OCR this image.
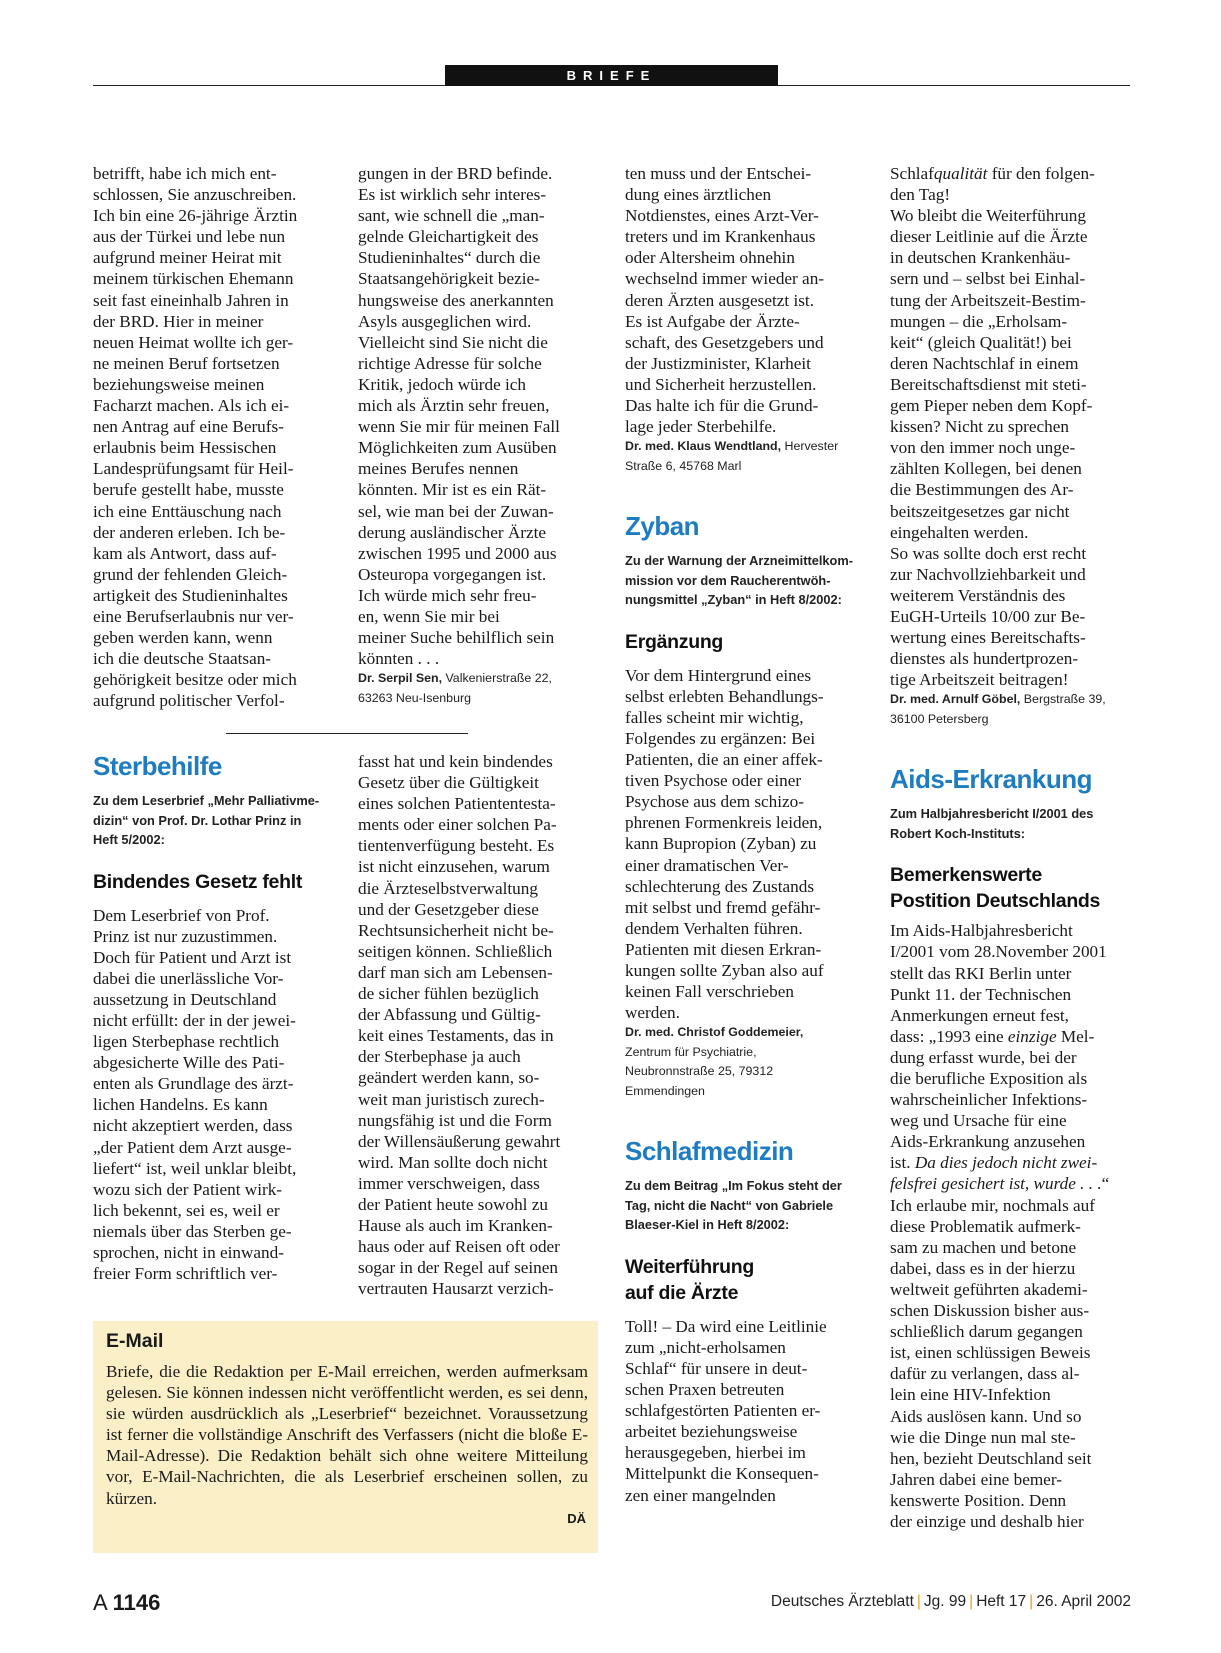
BRIEFE

betrifft, habe ich mich ent-

schlossen, Sie anzuschreiben.

Ich bin eine 26-jährige Ärztin

aus der Türkei und lebe nun

aufgrund meiner Heirat mit

meinem türkischen Ehemann

seit fast eineinhalb Jahren in

der BRD. Hier in meiner

neuen Heimat wollte ich ger-

ne meinen Beruf fortsetzen

beziehungsweise meinen

Facharzt machen. Als ich ei-

nen Antrag auf eine Berufs-

erlaubnis beim Hessischen

Landesprüfungsamt für Heil-

berufe gestellt habe, musste

ich eine Enttäuschung nach

der anderen erleben. Ich be-

kam als Antwort, dass auf-

grund der fehlenden Gleich-

artigkeit des Studieninhaltes

eine Berufserlaubnis nur ver-

geben werden kann, wenn

ich die deutsche Staatsan-

gehörigkeit besitze oder mich

aufgrund politischer Verfol-

gungen in der BRD befinde.

Es ist wirklich sehr interes-

sant, wie schnell die „man-

gelnde Gleichartigkeit des

Studieninhaltes“ durch die

Staatsangehörigkeit bezie-

hungsweise des anerkannten

Asyls ausgeglichen wird.

Vielleicht sind Sie nicht die

richtige Adresse für solche

Kritik, jedoch würde ich

mich als Ärztin sehr freuen,

wenn Sie mir für meinen Fall

Möglichkeiten zum Ausüben

meines Berufes nennen

könnten. Mir ist es ein Rät-

sel, wie man bei der Zuwan-

derung ausländischer Ärzte

zwischen 1995 und 2000 aus

Osteuropa vorgegangen ist.

Ich würde mich sehr freu-

en, wenn Sie mir bei

meiner Suche behilflich sein

könnten . . .

Dr. Serpil Sen, Valkenierstraße 22,
63263 Neu-Isenburg

Sterbehilfe

Zu dem Leserbrief „Mehr Palliativme-

dizin“ von Prof. Dr. Lothar Prinz in

Heft 5/2002:

Bindendes Gesetz fehlt

Dem Leserbrief von Prof.

Prinz ist nur zuzustimmen.

Doch für Patient und Arzt ist

dabei die unerlässliche Vor-

aussetzung in Deutschland

nicht erfüllt: der in der jewei-

ligen Sterbephase rechtlich

abgesicherte Wille des Pati-

enten als Grundlage des ärzt-

lichen Handelns. Es kann

nicht akzeptiert werden, dass

„der Patient dem Arzt ausge-

liefert“ ist, weil unklar bleibt,

wozu sich der Patient wirk-

lich bekennt, sei es, weil er

niemals über das Sterben ge-

sprochen, nicht in einwand-

freier Form schriftlich ver-

fasst hat und kein bindendes

Gesetz über die Gültigkeit

eines solchen Patiententesta-

ments oder einer solchen Pa-

tientenverfügung besteht. Es

ist nicht einzusehen, warum

die Ärzteselbstverwaltung

und der Gesetzgeber diese

Rechtsunsicherheit nicht be-

seitigen können. Schließlich

darf man sich am Lebensen-

de sicher fühlen bezüglich

der Abfassung und Gültig-

keit eines Testaments, das in

der Sterbephase ja auch

geändert werden kann, so-

weit man juristisch zurech-

nungsfähig ist und die Form

der Willensäußerung gewahrt

wird. Man sollte doch nicht

immer verschweigen, dass

der Patient heute sowohl zu

Hause als auch im Kranken-

haus oder auf Reisen oft oder

sogar in der Regel auf seinen

vertrauten Hausarzt verzich-

E-Mail
Briefe, die die Redaktion per E-Mail erreichen, werden aufmerksam gelesen. Sie können indessen nicht veröffentlicht werden, es sei denn, sie würden ausdrücklich als „Leserbrief“ bezeichnet. Voraussetzung ist ferner die vollständige Anschrift des Verfassers (nicht die bloße E-Mail-Adresse). Die Redaktion behält sich ohne weitere Mitteilung vor, E-Mail-Nachrichten, die als Leserbrief erscheinen sollen, zu kürzen.
DÄ

ten muss und der Entschei-

dung eines ärztlichen

Notdienstes, eines Arzt-Ver-

treters und im Krankenhaus

oder Altersheim ohnehin

wechselnd immer wieder an-

deren Ärzten ausgesetzt ist.

Es ist Aufgabe der Ärzte-

schaft, des Gesetzgebers und

der Justizminister, Klarheit

und Sicherheit herzustellen.

Das halte ich für die Grund-

lage jeder Sterbehilfe.

Dr. med. Klaus Wendtland, Hervester
Straße 6, 45768 Marl

Zyban

Zu der Warnung der Arzneimittelkom-

mission vor dem Raucherentwöh-

nungsmittel „Zyban“ in Heft 8/2002:

Ergänzung

Vor dem Hintergrund eines

selbst erlebten Behandlungs-

falles scheint mir wichtig,

Folgendes zu ergänzen: Bei

Patienten, die an einer affek-

tiven Psychose oder einer

Psychose aus dem schizo-

phrenen Formenkreis leiden,

kann Bupropion (Zyban) zu

einer dramatischen Ver-

schlechterung des Zustands

mit selbst und fremd gefähr-

dendem Verhalten führen.

Patienten mit diesen Erkran-

kungen sollte Zyban also auf

keinen Fall verschrieben

werden.

Dr. med. Christof Goddemeier,
Zentrum für Psychiatrie,
Neubronnstraße 25, 79312
Emmendingen
Schlafmedizin

Zu dem Beitrag „Im Fokus steht der

Tag, nicht die Nacht“ von Gabriele

Blaeser-Kiel in Heft 8/2002:

Weiterführung

auf die Ärzte

Toll! – Da wird eine Leitlinie

zum „nicht-erholsamen

Schlaf“ für unsere in deut-

schen Praxen betreuten

schlafgestörten Patienten er-

arbeitet beziehungsweise

herausgegeben, hierbei im

Mittelpunkt die Konsequen-

zen einer mangelnden

Schlafqualität für den folgen-

den Tag!

Wo bleibt die Weiterführung

dieser Leitlinie auf die Ärzte

in deutschen Krankenhäu-

sern und – selbst bei Einhal-

tung der Arbeitszeit-Bestim-

mungen – die „Erholsam-

keit“ (gleich Qualität!) bei

deren Nachtschlaf in einem

Bereitschaftsdienst mit steti-

gem Pieper neben dem Kopf-

kissen? Nicht zu sprechen

von den immer noch unge-

zählten Kollegen, bei denen

die Bestimmungen des Ar-

beitszeitgesetzes gar nicht

eingehalten werden.

So was sollte doch erst recht

zur Nachvollziehbarkeit und

weiterem Verständnis des

EuGH-Urteils 10/00 zur Be-

wertung eines Bereitschafts-

dienstes als hundertprozen-

tige Arbeitszeit beitragen!

Dr. med. Arnulf Göbel, Bergstraße 39,
36100 Petersberg

Aids-Erkrankung

Zum Halbjahresbericht I/2001 des

Robert Koch-Instituts:

Bemerkenswerte

Postition Deutschlands

Im Aids-Halbjahresbericht

I/2001 vom 28.November 2001

stellt das RKI Berlin unter

Punkt 11. der Technischen

Anmerkungen erneut fest,

dass: „1993 eine einzige Mel-

dung erfasst wurde, bei der

die berufliche Exposition als

wahrscheinlicher Infektions-

weg und Ursache für eine

Aids-Erkrankung anzusehen

ist. Da dies jedoch nicht zwei-

felsfrei gesichert ist, wurde . . .“

Ich erlaube mir, nochmals auf

diese Problematik aufmerk-

sam zu machen und betone

dabei, dass es in der hierzu

weltweit geführten akademi-

schen Diskussion bisher aus-

schließlich darum gegangen

ist, einen schlüssigen Beweis

dafür zu verlangen, dass al-

lein eine HIV-Infektion

Aids auslösen kann. Und so

wie die Dinge nun mal ste-

hen, bezieht Deutschland seit

Jahren dabei eine bemer-

kenswerte Position. Denn

der einzige und deshalb hier

A 1146	Deutsches Ärzteblatt | Jg. 99 | Heft 17 | 26. April 2002
